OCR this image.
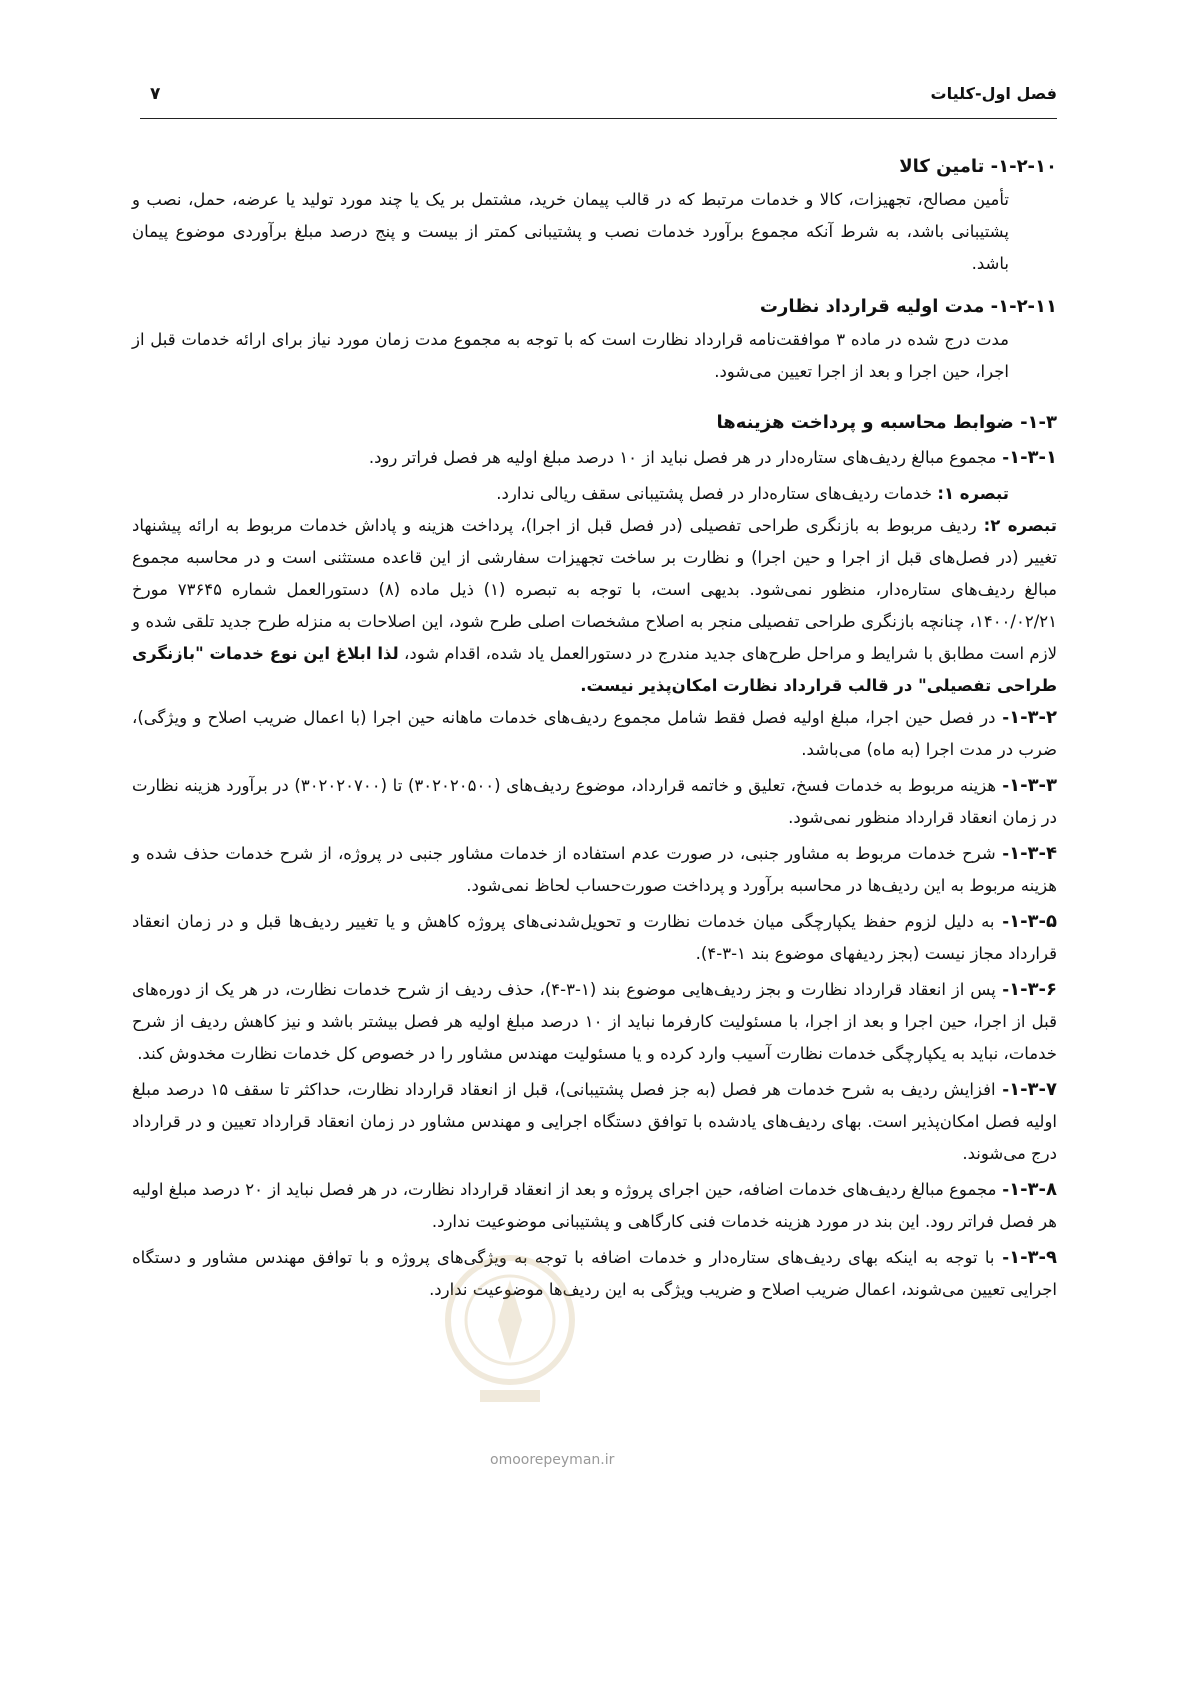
فصل اول-کلیات
۷

۱-۲-۱۰- تامین کالا

تأمین مصالح، تجهیزات، کالا و خدمات مرتبط که در قالب پیمان خرید، مشتمل بر یک یا چند مورد تولید یا عرضه، حمل، نصب و پشتیبانی باشد، به شرط آنکه مجموع برآورد خدمات نصب و پشتیبانی کمتر از بیست و پنج درصد مبلغ برآوردی موضوع پیمان باشد.

۱-۲-۱۱- مدت اولیه قرارداد نظارت

مدت درج شده در ماده ۳ موافقت‌نامه قرارداد نظارت است که با توجه به مجموع مدت زمان مورد نیاز برای ارائه خدمات قبل از اجرا، حین اجرا و بعد از اجرا تعیین می‌شود.

۱-۳- ضوابط محاسبه و پرداخت هزینه‌ها

۱-۳-۱- مجموع مبالغ ردیف‌های ستاره‌دار در هر فصل نباید از ۱۰ درصد مبلغ اولیه هر فصل فراتر رود.

تبصره ۱: خدمات ردیف‌های ستاره‌دار در فصل پشتیبانی سقف ریالی ندارد.

تبصره ۲: ردیف مربوط به بازنگری طراحی تفصیلی (در فصل قبل از اجرا)، پرداخت هزینه و پاداش خدمات مربوط به ارائه پیشنهاد تغییر (در فصل‌های قبل از اجرا و حین اجرا) و نظارت بر ساخت تجهیزات سفارشی از این قاعده مستثنی است و در محاسبه مجموع مبالغ ردیف‌های ستاره‌دار، منظور نمی‌شود. بدیهی است، با توجه به تبصره (۱) ذیل ماده (۸) دستورالعمل شماره ۷۳۶۴۵ مورخ ۱۴۰۰/۰۲/۲۱، چنانچه بازنگری طراحی تفصیلی منجر به اصلاح مشخصات اصلی طرح شود، این اصلاحات به منزله طرح جدید تلقی شده و لازم است مطابق با شرایط و مراحل طرح‌های جدید مندرج در دستورالعمل یاد شده، اقدام شود، لذا ابلاغ این نوع خدمات "بازنگری طراحی تفصیلی" در قالب قرارداد نظارت امکان‌پذیر نیست.

۱-۳-۲- در فصل حین اجرا، مبلغ اولیه فصل فقط شامل مجموع ردیف‌های خدمات ماهانه حین اجرا (با اعمال ضریب اصلاح و ویژگی)، ضرب در مدت اجرا (به ماه) می‌باشد.

۱-۳-۳- هزینه مربوط به خدمات فسخ، تعلیق و خاتمه قرارداد، موضوع ردیف‌های (۳۰۲۰۲۰۵۰۰) تا (۳۰۲۰۲۰۷۰۰) در برآورد هزینه نظارت در زمان انعقاد قرارداد منظور نمی‌شود.

۱-۳-۴- شرح خدمات مربوط به مشاور جنبی، در صورت عدم استفاده از خدمات مشاور جنبی در پروژه، از شرح خدمات حذف شده و هزینه مربوط به این ردیف‌ها در محاسبه برآورد و پرداخت صورت‌حساب لحاظ نمی‌شود.

۱-۳-۵- به دلیل لزوم حفظ یکپارچگی میان خدمات نظارت و تحویل‌شدنی‌های پروژه کاهش و یا تغییر ردیف‌ها قبل و در زمان انعقاد قرارداد مجاز نیست (بجز ردیفهای موضوع بند ۱-۳-۴).

۱-۳-۶- پس از انعقاد قرارداد نظارت و بجز ردیف‌هایی موضوع بند (۱-۳-۴)، حذف ردیف از شرح خدمات نظارت، در هر یک از دوره‌های قبل از اجرا، حین اجرا و بعد از اجرا، با مسئولیت کارفرما نباید از ۱۰ درصد مبلغ اولیه هر فصل بیشتر باشد و نیز کاهش ردیف از شرح خدمات، نباید به یکپارچگی خدمات نظارت آسیب وارد کرده و یا مسئولیت مهندس مشاور را در خصوص کل خدمات نظارت مخدوش کند.

۱-۳-۷- افزایش ردیف به شرح خدمات هر فصل (به جز فصل پشتیبانی)، قبل از انعقاد قرارداد نظارت، حداکثر تا سقف ۱۵ درصد مبلغ اولیه فصل امکان‌پذیر است. بهای ردیف‌های یادشده با توافق دستگاه اجرایی و مهندس مشاور در زمان انعقاد قرارداد تعیین و در قرارداد درج می‌شوند.

۱-۳-۸- مجموع مبالغ ردیف‌های خدمات اضافه، حین اجرای پروژه و بعد از انعقاد قرارداد نظارت، در هر فصل نباید از ۲۰ درصد مبلغ اولیه هر فصل فراتر رود. این بند در مورد هزینه خدمات فنی کارگاهی و پشتیبانی موضوعیت ندارد.

۱-۳-۹- با توجه به اینکه بهای ردیف‌های ستاره‌دار و خدمات اضافه با توجه به ویژگی‌های پروژه و با توافق مهندس مشاور و دستگاه اجرایی تعیین می‌شوند، اعمال ضریب اصلاح و ضریب ویژگی به این ردیف‌ها موضوعیت ندارد.

omoorepeyman.ir
